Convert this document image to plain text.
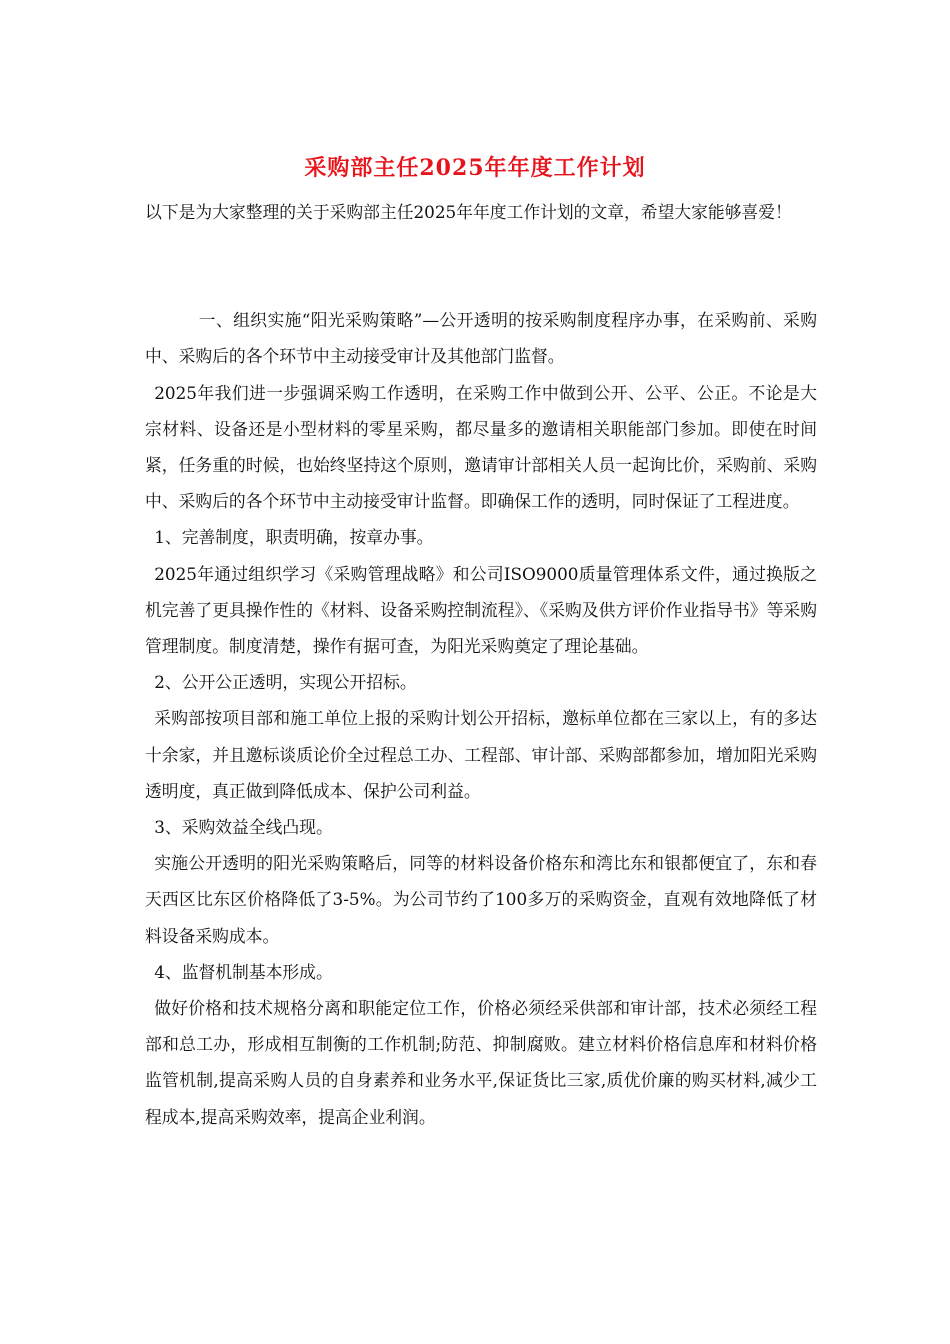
采购部主任2025年年度工作计划

以下是为大家整理的关于采购部主任2025年年度工作计划的文章，希望大家能够喜爱！

一、组织实施“阳光采购策略”—公开透明的按采购制度程序办事，在采购前、采购中、采购后的各个环节中主动接受审计及其他部门监督。

2025年我们进一步强调采购工作透明，在采购工作中做到公开、公平、公正。不论是大宗材料、设备还是小型材料的零星采购，都尽量多的邀请相关职能部门参加。即使在时间紧，任务重的时候，也始终坚持这个原则，邀请审计部相关人员一起询比价，采购前、采购中、采购后的各个环节中主动接受审计监督。即确保工作的透明，同时保证了工程进度。

1、完善制度，职责明确，按章办事。

2025年通过组织学习《采购管理战略》和公司ISO9000质量管理体系文件，通过换版之机完善了更具操作性的《材料、设备采购控制流程》、《采购及供方评价作业指导书》等采购管理制度。制度清楚，操作有据可查，为阳光采购奠定了理论基础。

2、公开公正透明，实现公开招标。

采购部按项目部和施工单位上报的采购计划公开招标，邀标单位都在三家以上，有的多达十余家，并且邀标谈质论价全过程总工办、工程部、审计部、采购部都参加，增加阳光采购透明度，真正做到降低成本、保护公司利益。

3、采购效益全线凸现。

实施公开透明的阳光采购策略后，同等的材料设备价格东和湾比东和银都便宜了，东和春天西区比东区价格降低了3-5%。为公司节约了100多万的采购资金，直观有效地降低了材料设备采购成本。

4、监督机制基本形成。

做好价格和技术规格分离和职能定位工作，价格必须经采供部和审计部，技术必须经工程部和总工办，形成相互制衡的工作机制;防范、抑制腐败。建立材料价格信息库和材料价格监管机制,提高采购人员的自身素养和业务水平,保证货比三家,质优价廉的购买材料,减少工程成本,提高采购效率，提高企业利润。
